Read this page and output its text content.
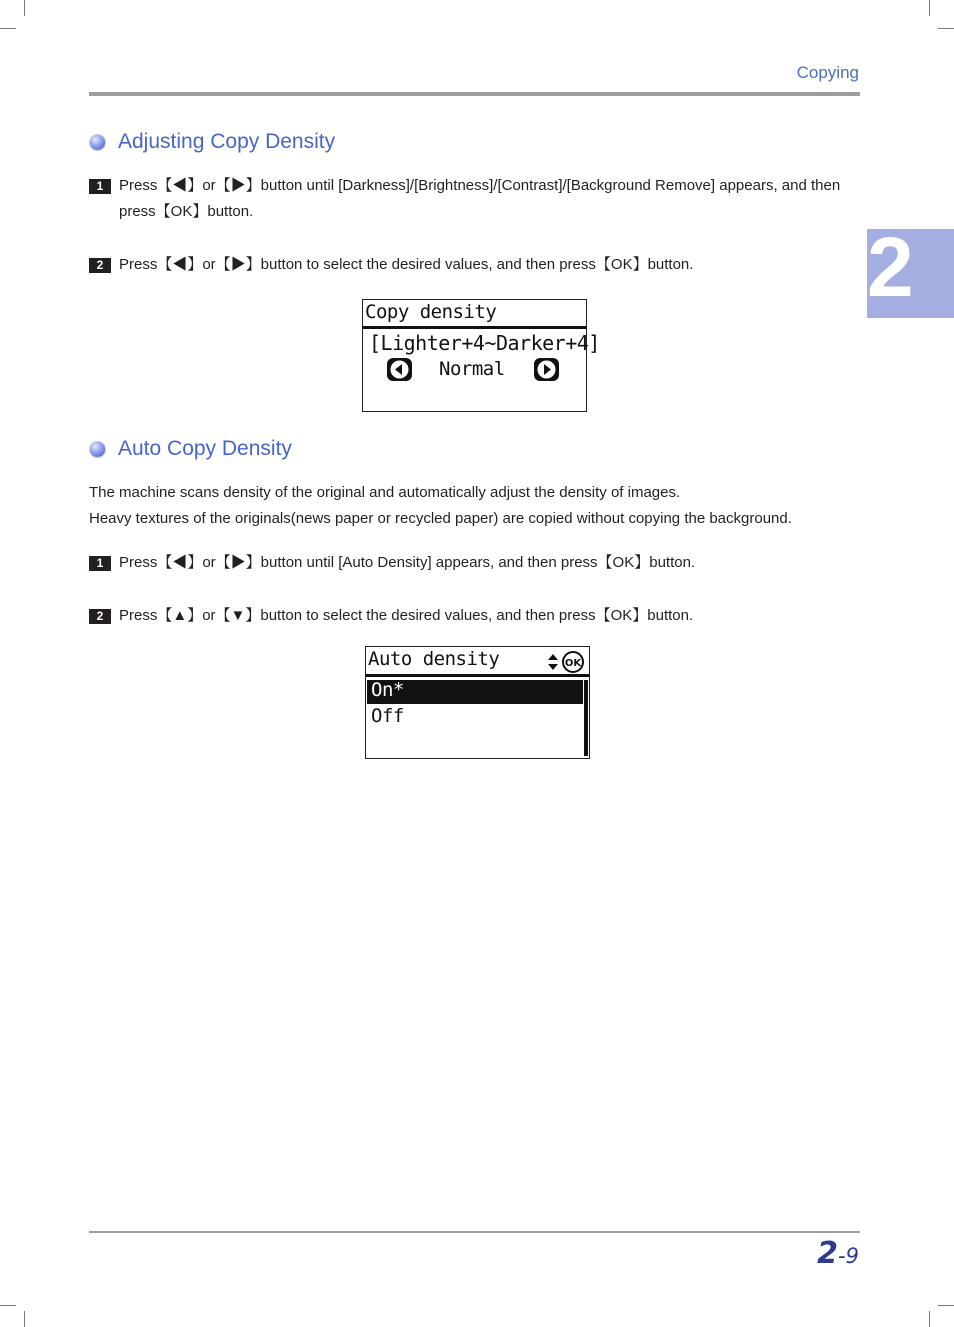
Copying
2
Adjusting Copy Density
1	Press【◀】or【▶】button until [Darkness]/[Brightness]/[Contrast]/[Background Remove] appears, and then
press【OK】button.
2	Press【◀】or【▶】button to select the desired values, and then press【OK】button.
Copy density
[Lighter+4~Darker+4]
Normal
Auto Copy Density
The machine scans density of the original and automatically adjust the density of images.
Heavy textures of the originals(news paper or recycled paper) are copied without copying the background.
1	Press【◀】or【▶】button until [Auto Density] appears, and then press【OK】button.
2	Press【▲】or【▼】button to select the desired values, and then press【OK】button.
Auto density	OK
On*
Off
2-9
